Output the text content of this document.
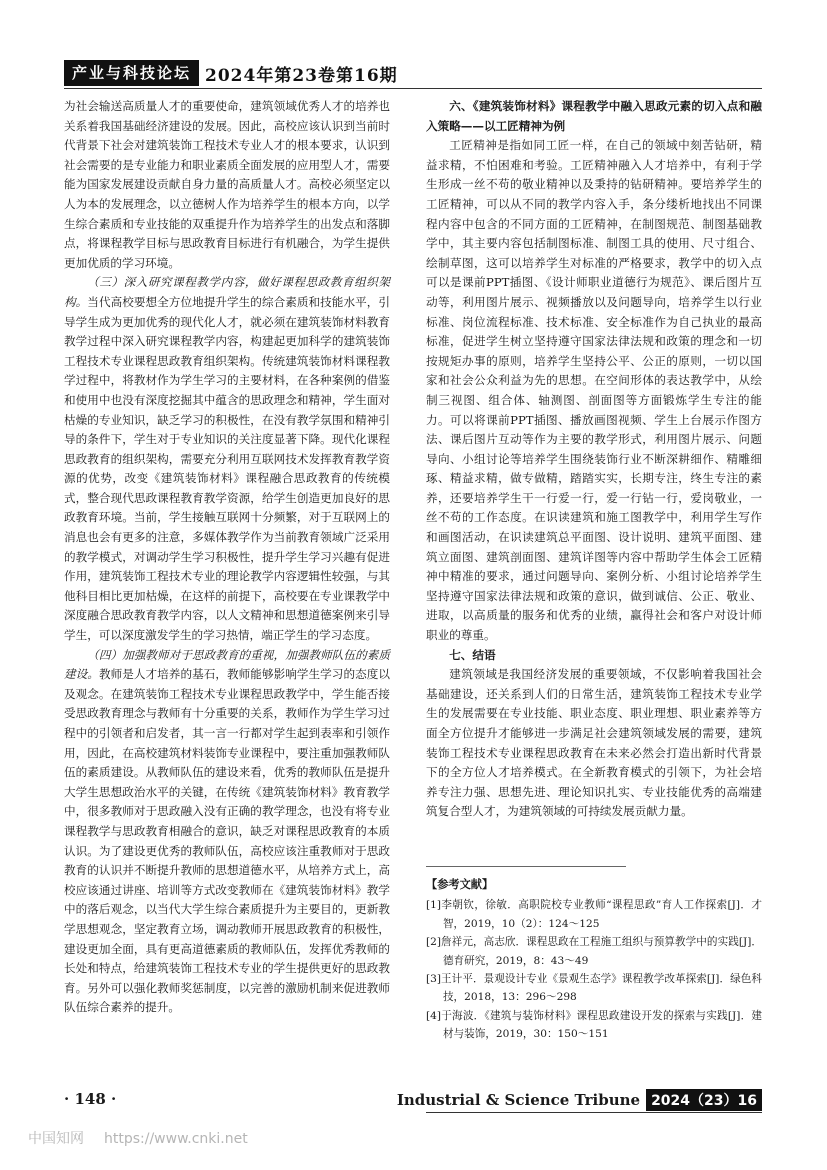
产业与科技论坛 2024年第23卷第16期

为社会输送高质量人才的重要使命，建筑领域优秀人才的培养也关系着我国基础经济建设的发展。因此，高校应该认识到当前时代背景下社会对建筑装饰工程技术专业人才的根本要求，认识到社会需要的是专业能力和职业素质全面发展的应用型人才，需要能为国家发展建设贡献自身力量的高质量人才。高校必须坚定以人为本的发展理念，以立德树人作为培养学生的根本方向，以学生综合素质和专业技能的双重提升作为培养学生的出发点和落脚点，将课程教学目标与思政教育目标进行有机融合，为学生提供更加优质的学习环境。

（三）深入研究课程教学内容，做好课程思政教育组织架构。当代高校要想全方位地提升学生的综合素质和技能水平，引导学生成为更加优秀的现代化人才，就必须在建筑装饰材料教育教学过程中深入研究课程教学内容，构建起更加科学的建筑装饰工程技术专业课程思政教育组织架构。传统建筑装饰材料课程教学过程中，将教材作为学生学习的主要材料，在各种案例的借鉴和使用中也没有深度挖掘其中蕴含的思政理念和精神，学生面对枯燥的专业知识，缺乏学习的积极性，在没有教学氛围和精神引导的条件下，学生对于专业知识的关注度显著下降。现代化课程思政教育的组织架构，需要充分利用互联网技术发挥教育教学资源的优势，改变《建筑装饰材料》课程融合思政教育的传统模式，整合现代思政课程教育教学资源，给学生创造更加良好的思政教育环境。当前，学生接触互联网十分频繁，对于互联网上的消息也会有更多的注意，多媒体教学作为当前教育领域广泛采用的教学模式，对调动学生学习积极性，提升学生学习兴趣有促进作用，建筑装饰工程技术专业的理论教学内容逻辑性较强，与其他科目相比更加枯燥，在这样的前提下，高校要在专业课教学中深度融合思政教育教学内容，以人文精神和思想道德案例来引导学生，可以深度激发学生的学习热情，端正学生的学习态度。

（四）加强教师对于思政教育的重视，加强教师队伍的素质建设。教师是人才培养的基石，教师能够影响学生学习的态度以及观念。在建筑装饰工程技术专业课程思政教学中，学生能否接受思政教育理念与教师有十分重要的关系，教师作为学生学习过程中的引领者和启发者，其一言一行都对学生起到表率和引领作用，因此，在高校建筑材料装饰专业课程中，要注重加强教师队伍的素质建设。从教师队伍的建设来看，优秀的教师队伍是提升大学生思想政治水平的关键，在传统《建筑装饰材料》教育教学中，很多教师对于思政融入没有正确的教学理念，也没有将专业课程教学与思政教育相融合的意识，缺乏对课程思政教育的本质认识。为了建设更优秀的教师队伍，高校应该注重教师对于思政教育的认识并不断提升教师的思想道德水平，从培养方式上，高校应该通过讲座、培训等方式改变教师在《建筑装饰材料》教学中的落后观念，以当代大学生综合素质提升为主要目的，更新教学思想观念，坚定教育立场，调动教师开展思政教育的积极性，建设更加全面，具有更高道德素质的教师队伍，发挥优秀教师的长处和特点，给建筑装饰工程技术专业的学生提供更好的思政教育。另外可以强化教师奖惩制度，以完善的激励机制来促进教师队伍综合素养的提升。

六、《建筑装饰材料》课程教学中融入思政元素的切入点和融入策略——以工匠精神为例

工匠精神是指如同工匠一样，在自己的领域中刻苦钻研，精益求精，不怕困难和考验。工匠精神融入人才培养中，有利于学生形成一丝不苟的敬业精神以及秉持的钻研精神。要培养学生的工匠精神，可以从不同的教学内容入手，条分缕析地找出不同课程内容中包含的不同方面的工匠精神，在制图规范、制图基础教学中，其主要内容包括制图标准、制图工具的使用、尺寸组合、绘制草图，这可以培养学生对标准的严格要求，教学中的切入点可以是课前PPT插图、《设计师职业道德行为规范》、课后图片互动等，利用图片展示、视频播放以及问题导向，培养学生以行业标准、岗位流程标准、技术标准、安全标准作为自己执业的最高标准，促进学生树立坚持遵守国家法律法规和政策的理念和一切按规矩办事的原则，培养学生坚持公平、公正的原则，一切以国家和社会公众利益为先的思想。在空间形体的表达教学中，从绘制三视图、组合体、轴测图、剖面图等方面锻炼学生专注的能力。可以将课前PPT插图、播放画图视频、学生上台展示作图方法、课后图片互动等作为主要的教学形式，利用图片展示、问题导向、小组讨论等培养学生围绕装饰行业不断深耕细作、精雕细琢、精益求精，做专做精，踏踏实实，长期专注，终生专注的素养，还要培养学生干一行爱一行，爱一行钻一行，爱岗敬业，一丝不苟的工作态度。在识读建筑和施工图教学中，利用学生写作和画图活动，在识读建筑总平面图、设计说明、建筑平面图、建筑立面图、建筑剖面图、建筑详图等内容中帮助学生体会工匠精神中精准的要求，通过问题导向、案例分析、小组讨论培养学生坚持遵守国家法律法规和政策的意识，做到诚信、公正、敬业、进取，以高质量的服务和优秀的业绩，赢得社会和客户对设计师职业的尊重。

七、结语

建筑领域是我国经济发展的重要领域，不仅影响着我国社会基础建设，还关系到人们的日常生活，建筑装饰工程技术专业学生的发展需要在专业技能、职业态度、职业理想、职业素养等方面全方位提升才能够进一步满足社会建筑领域发展的需要，建筑装饰工程技术专业课程思政教育在未来必然会打造出新时代背景下的全方位人才培养模式。在全新教育模式的引领下，为社会培养专注力强、思想先进、理论知识扎实、专业技能优秀的高端建筑复合型人才，为建筑领域的可持续发展贡献力量。

【参考文献】
[1]李朝钦，徐敏．高职院校专业教师“课程思政”育人工作探索[J]．才智，2019，10（2）：124～125
[2]詹祥元，高志欣．课程思政在工程施工组织与预算教学中的实践[J]．德育研究，2019，8：43～49
[3]王计平．景观设计专业《景观生态学》课程教学改革探索[J]．绿色科技，2018，13：296～298
[4]于海波．《建筑与装饰材料》课程思政建设开发的探索与实践[J]．建材与装饰，2019，30：150～151
· 148 ·	Industrial & Science Tribune 2024（23）16
中国知网 https://www.cnki.net
